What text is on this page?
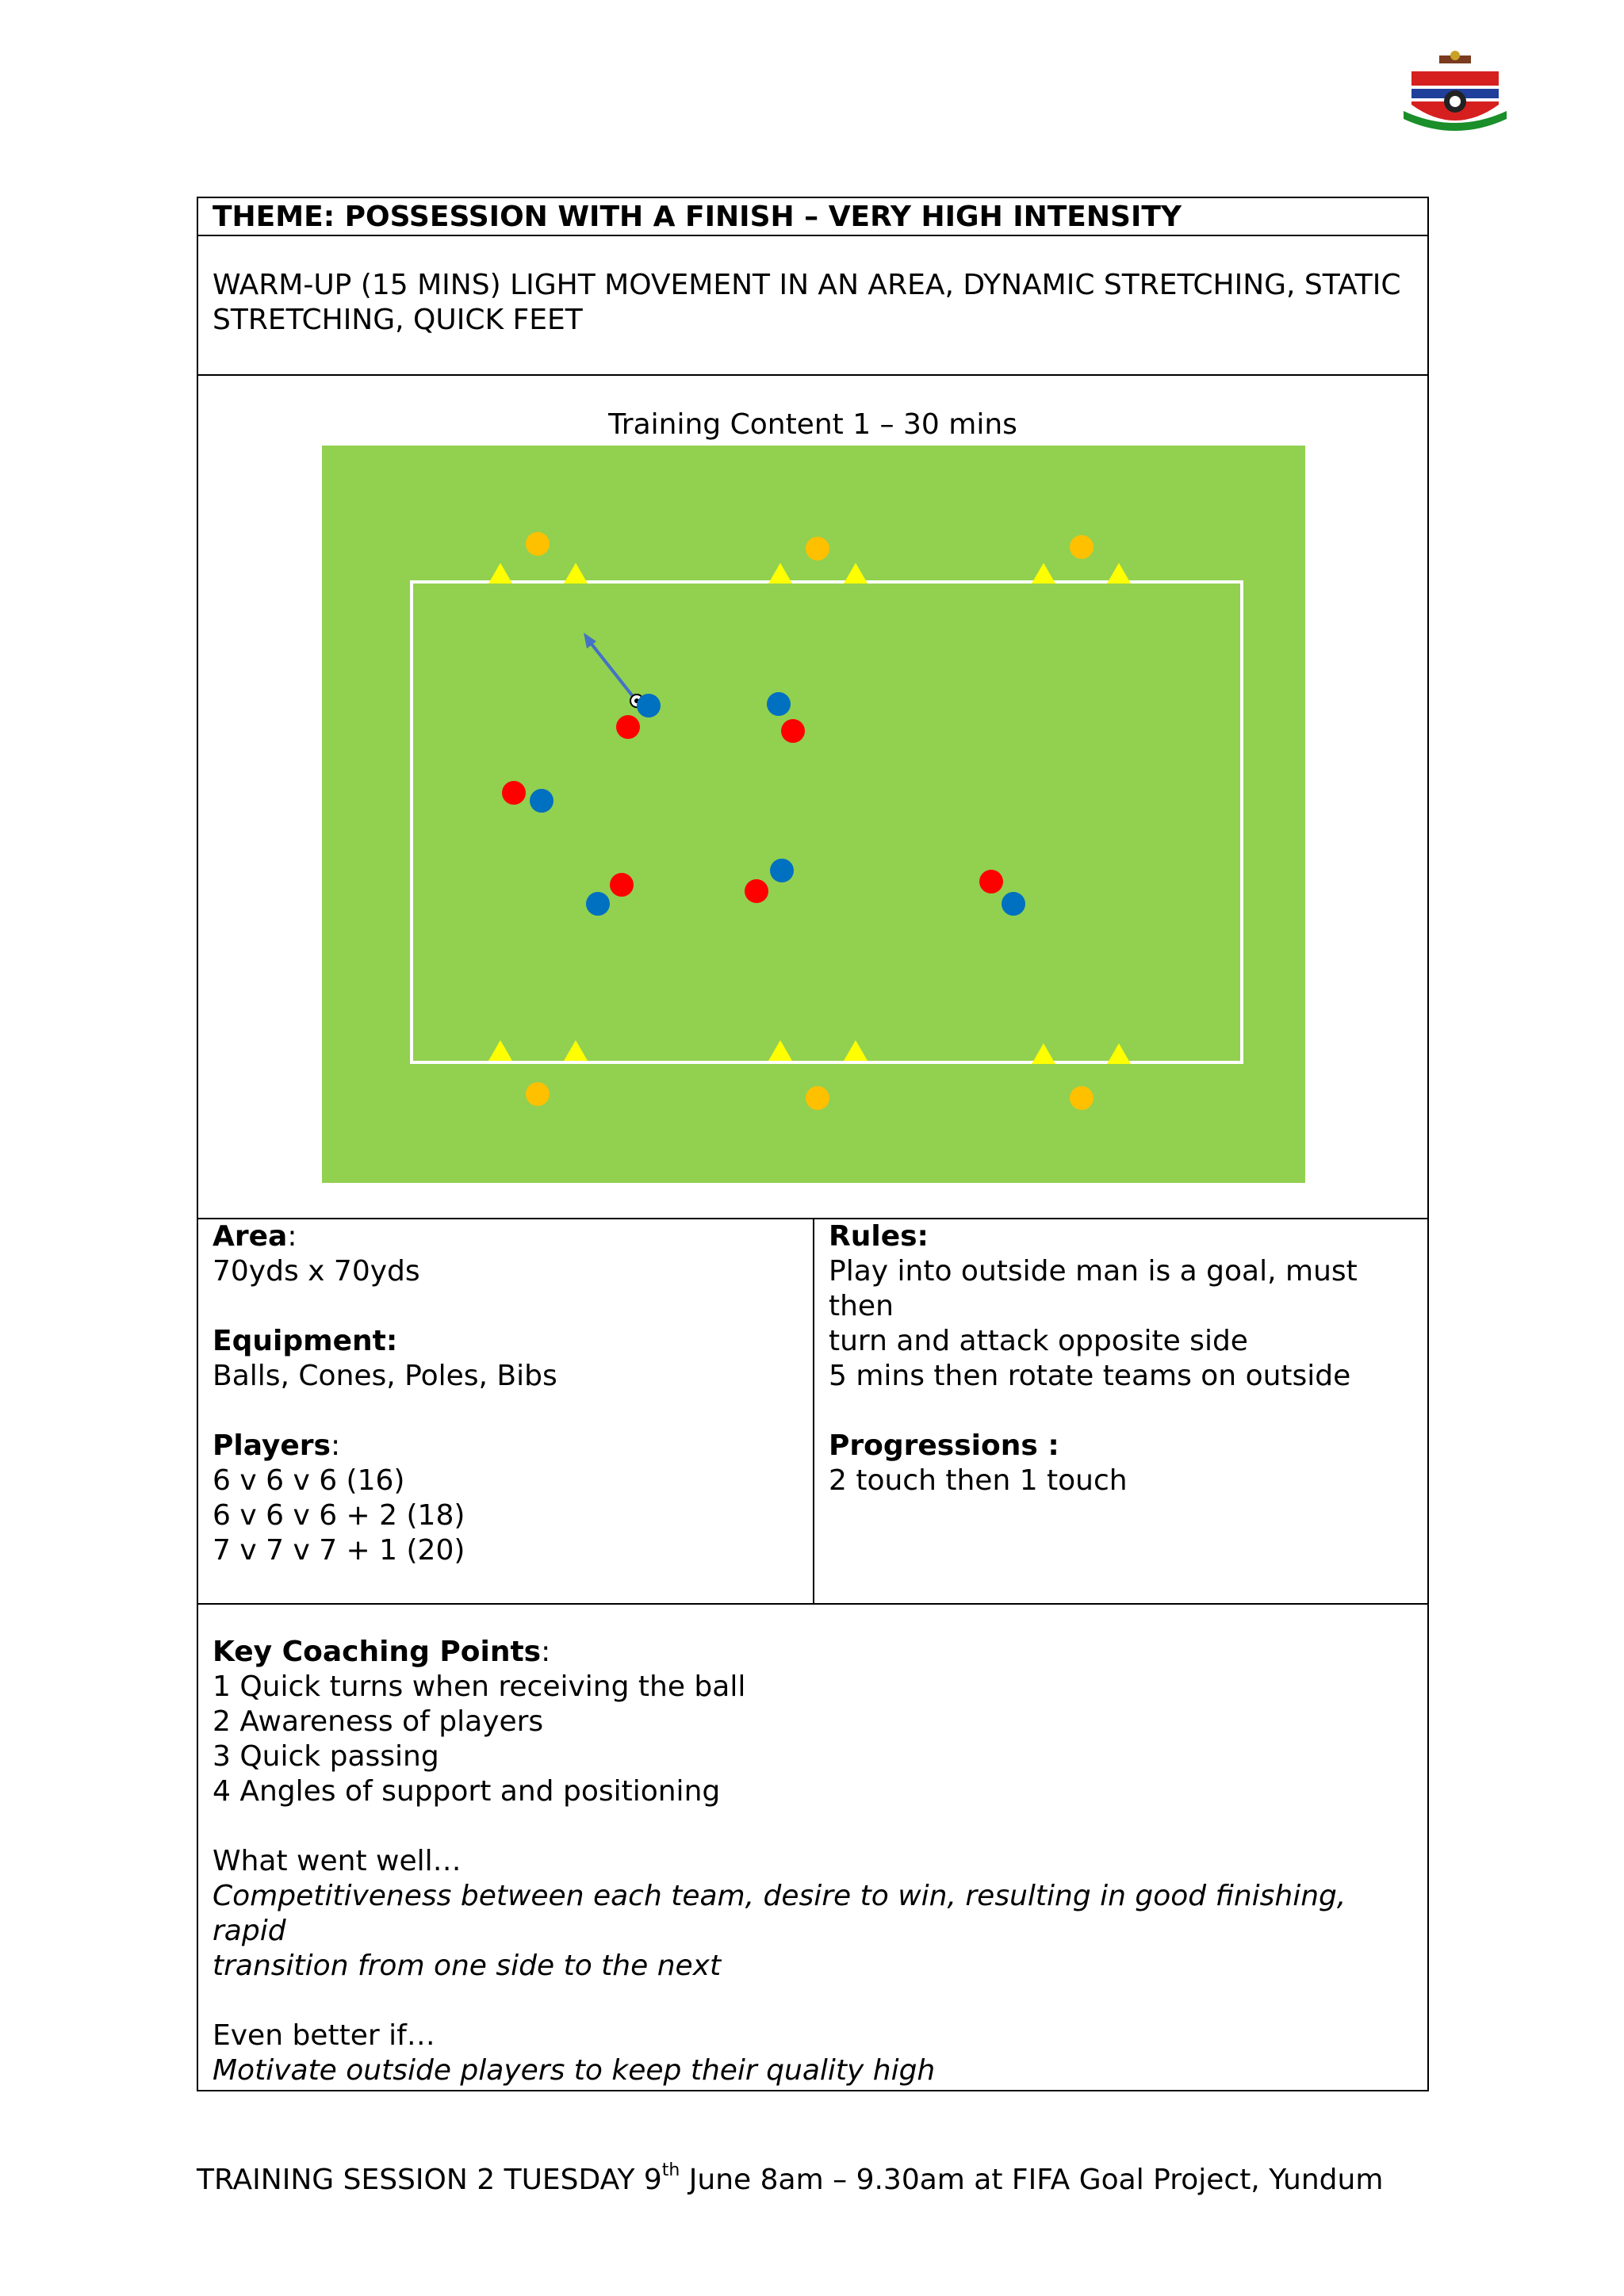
THEME: POSSESSION WITH A FINISH – VERY HIGH INTENSITY
WARM-UP (15 MINS) LIGHT MOVEMENT IN AN AREA, DYNAMIC STRETCHING, STATIC
STRETCHING, QUICK FEET
Training Content 1 – 30 mins
Area:
70yds x 70yds
Equipment:
Balls, Cones, Poles, Bibs
Players:
6 v 6 v 6 (16)
6 v 6 v 6 + 2 (18)
7 v 7 v 7 + 1 (20)
Rules:
Play into outside man is a goal, must then
turn and attack opposite side
5 mins then rotate teams on outside
Progressions :
2 touch then 1 touch
Key Coaching Points:
1 Quick turns when receiving the ball
2 Awareness of players
3 Quick passing
4 Angles of support and positioning
What went well…
Competitiveness between each team, desire to win, resulting in good finishing, rapid
transition from one side to the next
Even better if…
Motivate outside players to keep their quality high
TRAINING SESSION 2 TUESDAY 9th June 8am – 9.30am at FIFA Goal Project, Yundum
